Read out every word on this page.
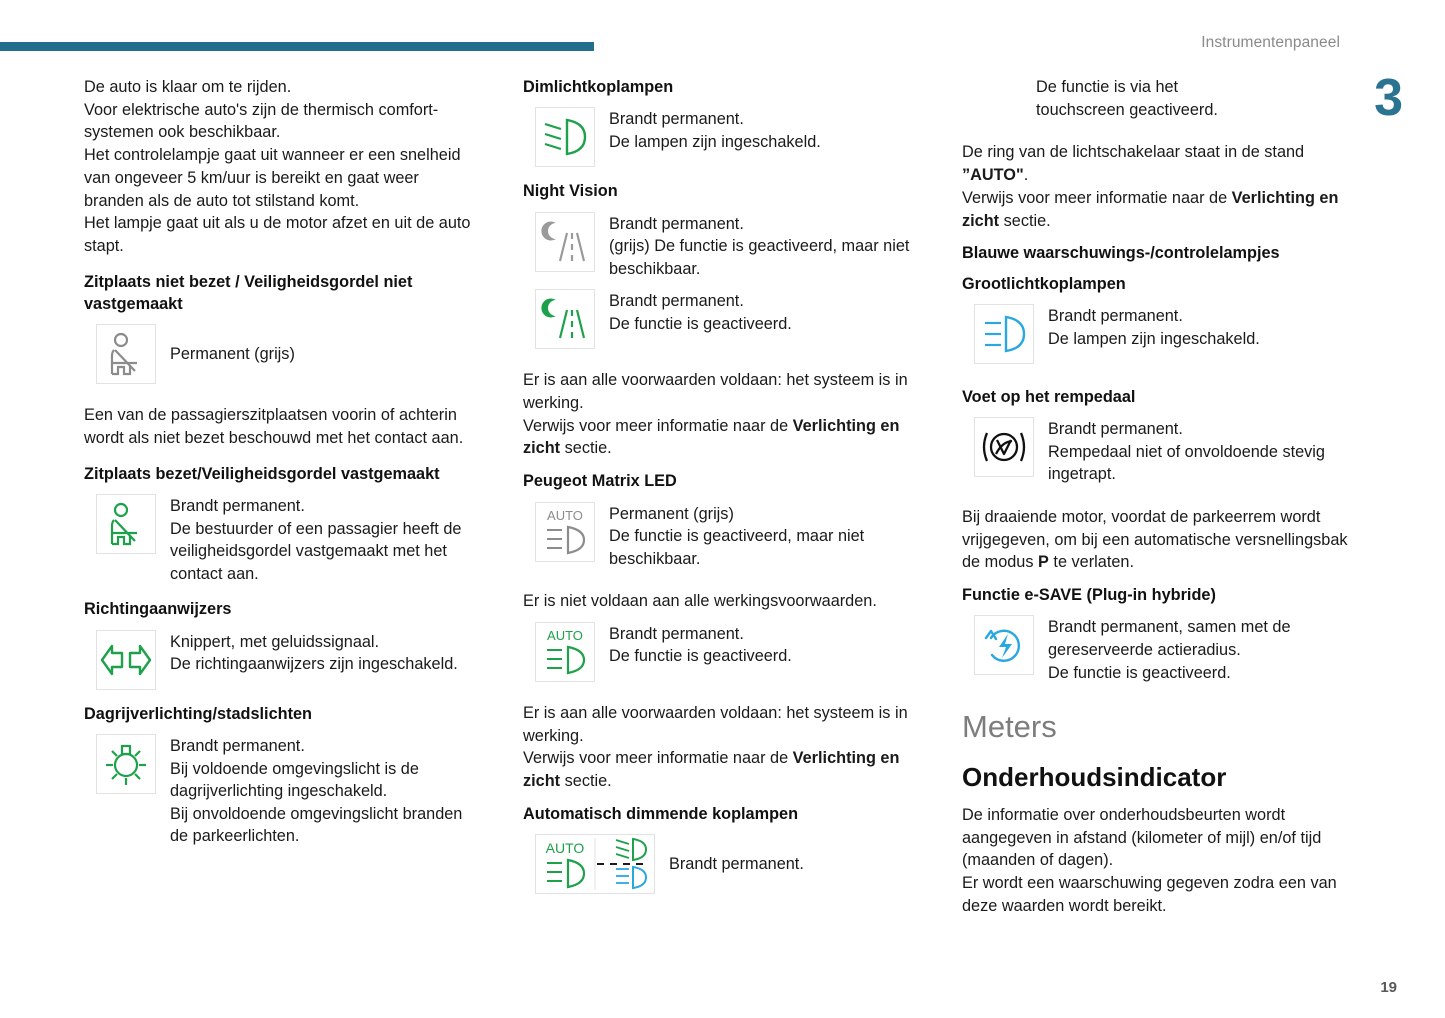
Instrumentenpaneel
3
19

De auto is klaar om te rijden.

Voor elektrische auto's zijn de thermisch comfort-systemen ook beschikbaar.

Het controlelampje gaat uit wanneer er een snelheid van ongeveer 5 km/uur is bereikt en gaat weer branden als de auto tot stilstand komt.

Het lampje gaat uit als u de motor afzet en uit de auto stapt.

Zitplaats niet bezet / Veiligheidsgordel niet vastgemaakt
Permanent (grijs)

Een van de passagierszitplaatsen voorin of achterin wordt als niet bezet beschouwd met het contact aan.

Zitplaats bezet/Veiligheidsgordel vastgemaakt
Brandt permanent.
De bestuurder of een passagier heeft de veiligheidsgordel vastgemaakt met het contact aan.
Richtingaanwijzers
Knippert, met geluidssignaal.
De richtingaanwijzers zijn ingeschakeld.
Dagrijverlichting/stadslichten
Brandt permanent.
Bij voldoende omgevingslicht is de dagrijverlichting ingeschakeld.
Bij onvoldoende omgevingslicht branden de parkeerlichten.
Dimlichtkoplampen
Brandt permanent.
De lampen zijn ingeschakeld.
Night Vision
Brandt permanent.
(grijs) De functie is geactiveerd, maar niet beschikbaar.
Brandt permanent.
De functie is geactiveerd.

Er is aan alle voorwaarden voldaan: het systeem is in werking.

Verwijs voor meer informatie naar de Verlichting en zicht sectie.

Peugeot Matrix LED
AUTO Permanent (grijs)
De functie is geactiveerd, maar niet beschikbaar.

Er is niet voldaan aan alle werkingsvoorwaarden.

AUTO Brandt permanent.
De functie is geactiveerd.

Er is aan alle voorwaarden voldaan: het systeem is in werking.

Verwijs voor meer informatie naar de Verlichting en zicht sectie.

Automatisch dimmende koplampen
AUTO
Brandt permanent.

De functie is via het

touchscreen geactiveerd.

De ring van de lichtschakelaar staat in de stand ”AUTO".

Verwijs voor meer informatie naar de Verlichting en zicht sectie.

Blauwe waarschuwings-/controlelampjes
Grootlichtkoplampen
Brandt permanent.
De lampen zijn ingeschakeld.
Voet op het rempedaal
Brandt permanent.
Rempedaal niet of onvoldoende stevig ingetrapt.

Bij draaiende motor, voordat de parkeerrem wordt vrijgegeven, om bij een automatische versnellingsbak de modus P te verlaten.

Functie e-SAVE (Plug-in hybride)
Brandt permanent, samen met de gereserveerde actieradius.
De functie is geactiveerd.
Meters
Onderhoudsindicator

De informatie over onderhoudsbeurten wordt aangegeven in afstand (kilometer of mijl) en/of tijd (maanden of dagen).

Er wordt een waarschuwing gegeven zodra een van deze waarden wordt bereikt.
